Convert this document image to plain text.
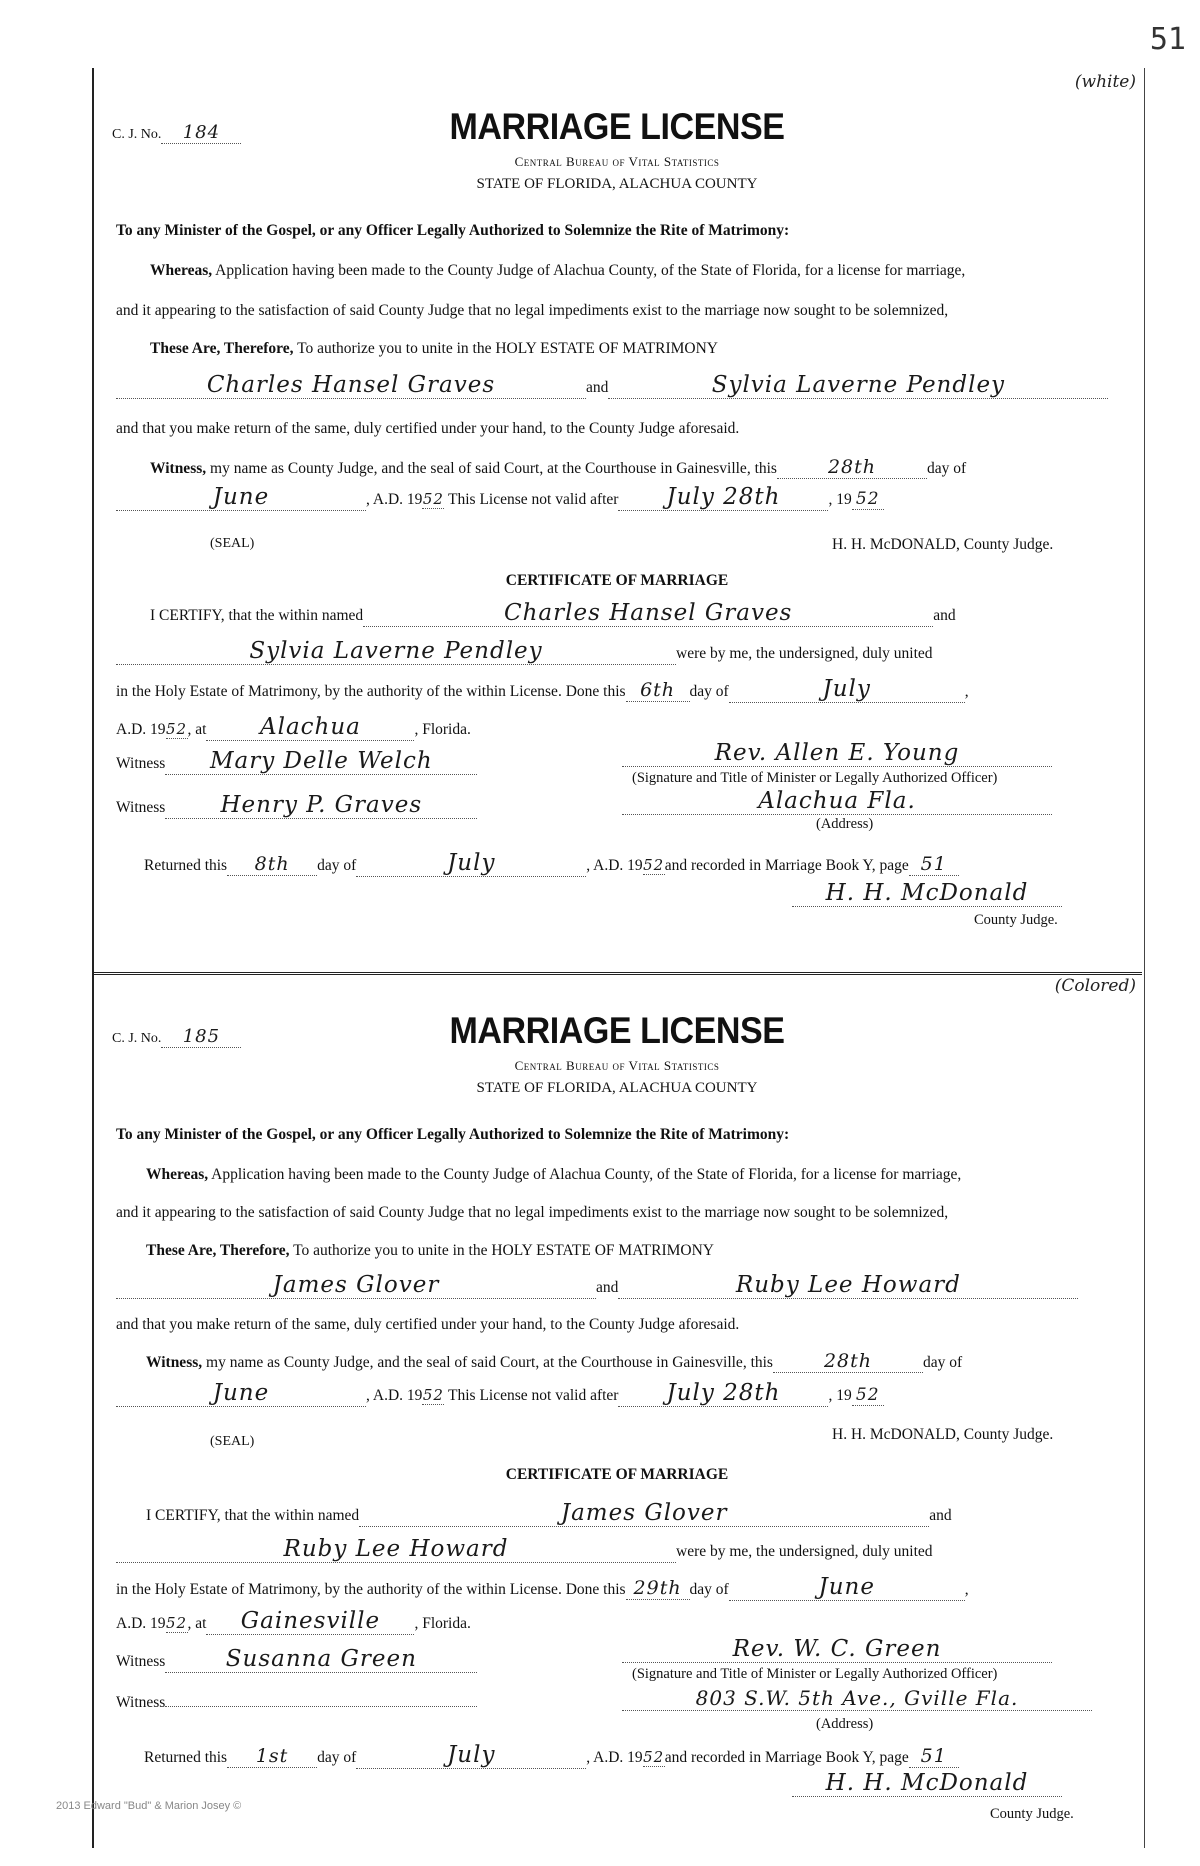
51
(white)
C. J. No. 184	MARRIAGE LICENSE
Central Bureau of Vital Statistics
STATE OF FLORIDA, ALACHUA COUNTY
To any Minister of the Gospel, or any Officer Legally Authorized to Solemnize the Rite of Matrimony:
Whereas, Application having been made to the County Judge of Alachua County, of the State of Florida, for a license for marriage,
and it appearing to the satisfaction of said County Judge that no legal impediments exist to the marriage now sought to be solemnized,
These Are, Therefore, To authorize you to unite in the HOLY ESTATE OF MATRIMONY
Charles Hansel Graves	and	Sylvia Laverne Pendley
and that you make return of the same, duly certified under your hand, to the County Judge aforesaid.
Witness, my name as County Judge, and the seal of said Court, at the Courthouse in Gainesville, this	28th	day of
June	, A.D. 1952 This License not valid after July 28th	, 19 52
(SEAL)	H. H. McDONALD, County Judge.
CERTIFICATE OF MARRIAGE
I CERTIFY, that the within named	Charles Hansel Graves	and
Sylvia Laverne Pendley	were by me, the undersigned, duly united
in the Holy Estate of Matrimony, by the authority of the within License. Done this 6th day of	July	,
A.D. 1952, at Alachua	, Florida.
Witness Mary Delle Welch	Rev. Allen E. Young
(Signature and Title of Minister or Legally Authorized Officer)
Witness Henry P. Graves	Alachua Fla.
(Address)
Returned this 8th day of	July	, A.D. 1952and recorded in Marriage Book Y, page 51
H. H. McDonald
County Judge.
(Colored)
C. J. No. 185	MARRIAGE LICENSE
Central Bureau of Vital Statistics
STATE OF FLORIDA, ALACHUA COUNTY
To any Minister of the Gospel, or any Officer Legally Authorized to Solemnize the Rite of Matrimony:
Whereas, Application having been made to the County Judge of Alachua County, of the State of Florida, for a license for marriage,
and it appearing to the satisfaction of said County Judge that no legal impediments exist to the marriage now sought to be solemnized,
These Are, Therefore, To authorize you to unite in the HOLY ESTATE OF MATRIMONY
James Glover	and	Ruby Lee Howard
and that you make return of the same, duly certified under your hand, to the County Judge aforesaid.
Witness, my name as County Judge, and the seal of said Court, at the Courthouse in Gainesville, this	28th	day of
June	, A.D. 1952 This License not valid after July 28th	, 19 52
(SEAL)	H. H. McDONALD, County Judge.
CERTIFICATE OF MARRIAGE
I CERTIFY, that the within named	James Glover	and
Ruby Lee Howard	were by me, the undersigned, duly united
in the Holy Estate of Matrimony, by the authority of the within License. Done this 29th day of	June	,
A.D. 1952, at Gainesville , Florida.
Witness	Susanna Green	Rev. W. C. Green
(Signature and Title of Minister or Legally Authorized Officer)
Witness	803 S.W. 5th Ave., Gville Fla.
(Address)
Returned this 1st day of	July	, A.D. 1952and recorded in Marriage Book Y, page 51
H. H. McDonald
County Judge.
2013 Edward "Bud" & Marion Josey ©
